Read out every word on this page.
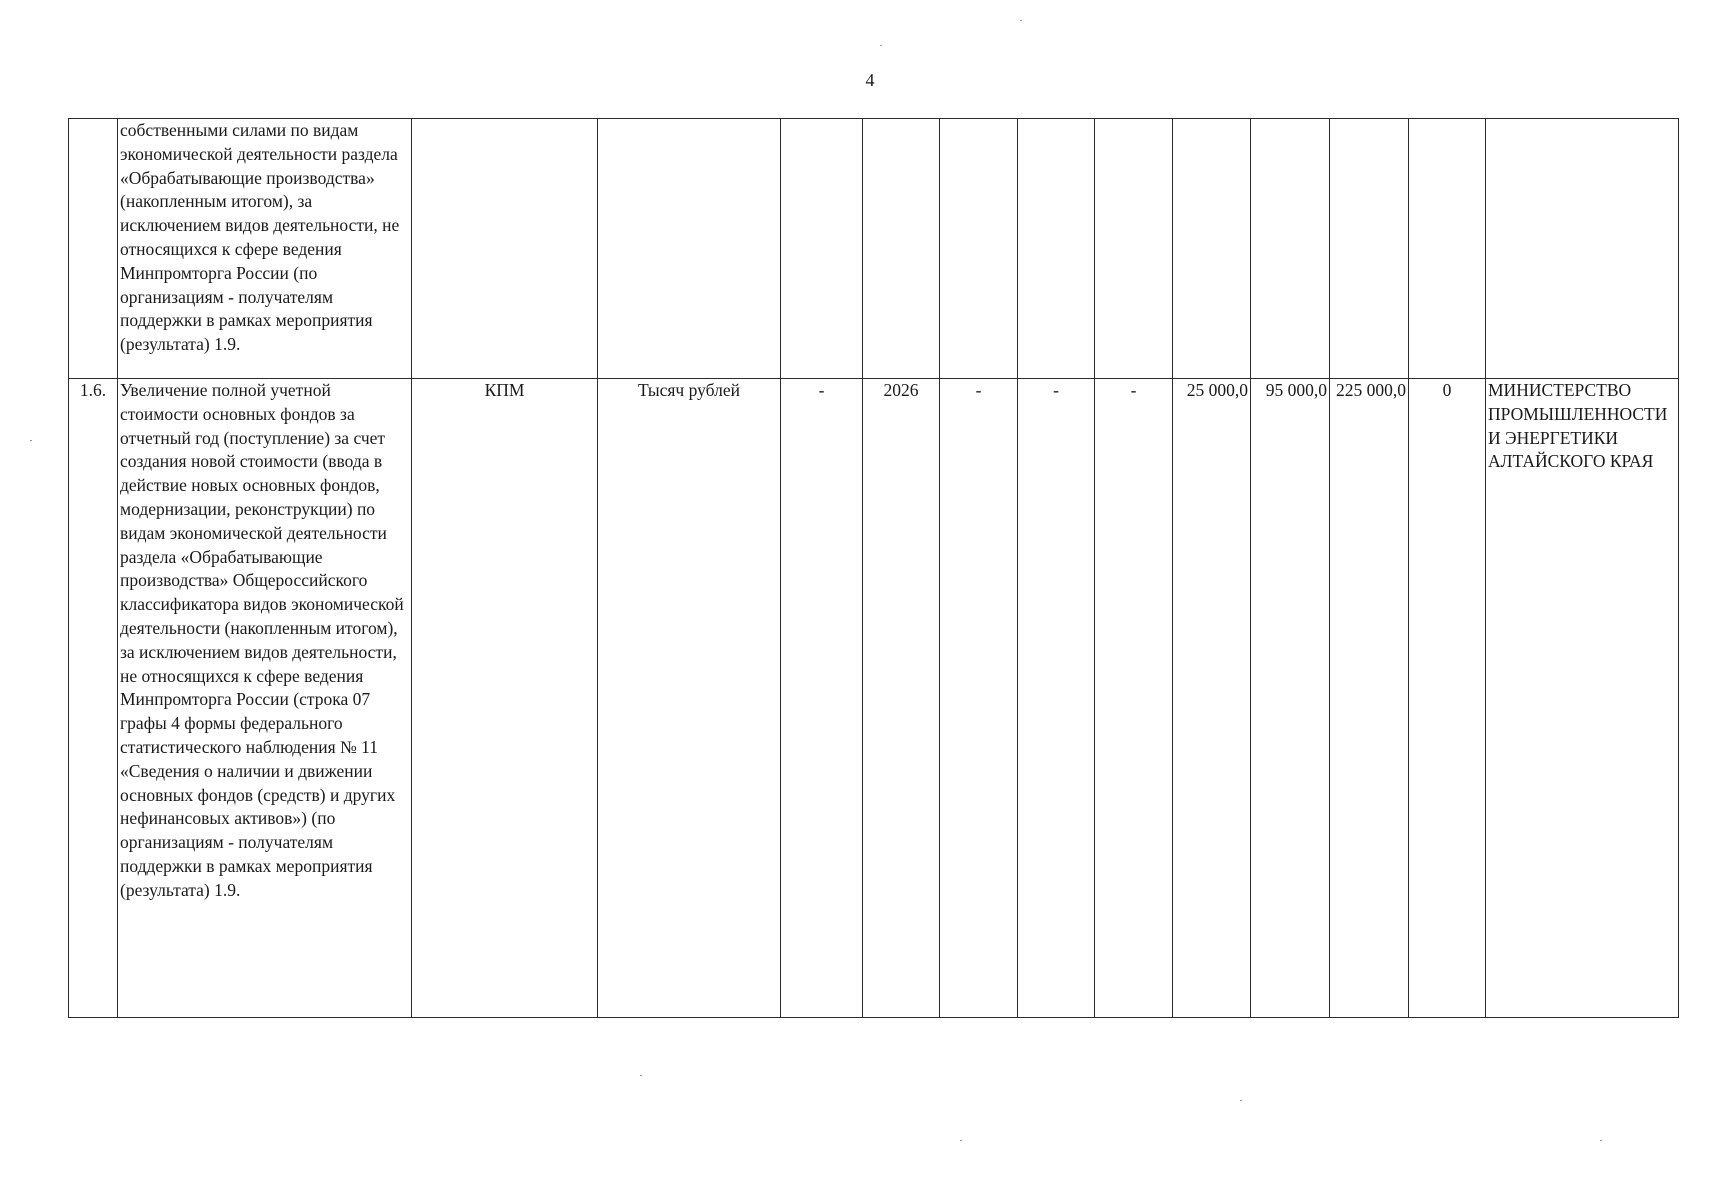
4
	собственными силами по видам экономической деятельности раздела «Обрабатывающие производства» (накопленным итогом), за исключением видов деятельности, не относящихся к сфере ведения Минпромторга России (по организациям - получателям поддержки в рамках мероприятия (результата) 1.9.												
1.6.	Увеличение полной учетной стоимости основных фондов за отчетный год (поступление) за счет создания новой стоимости (ввода в действие новых основных фондов, модернизации, реконструкции) по видам экономической деятельности раздела «Обрабатывающие производства» Общероссийского классификатора видов экономической деятельности (накопленным итогом), за исключением видов деятельности, не относящихся к сфере ведения Минпромторга России (строка 07 графы 4 формы федерального статистического наблюдения № 11 «Сведения о наличии и движении основных фондов (средств) и других нефинансовых активов») (по организациям - получателям поддержки в рамках мероприятия (результата) 1.9.	КПМ	Тысяч рублей	-	2026	-	-	-	25 000,0	95 000,0	225 000,0	0	МИНИСТЕРСТВО ПРОМЫШЛЕННОСТИ И ЭНЕРГЕТИКИ АЛТАЙСКОГО КРАЯ
